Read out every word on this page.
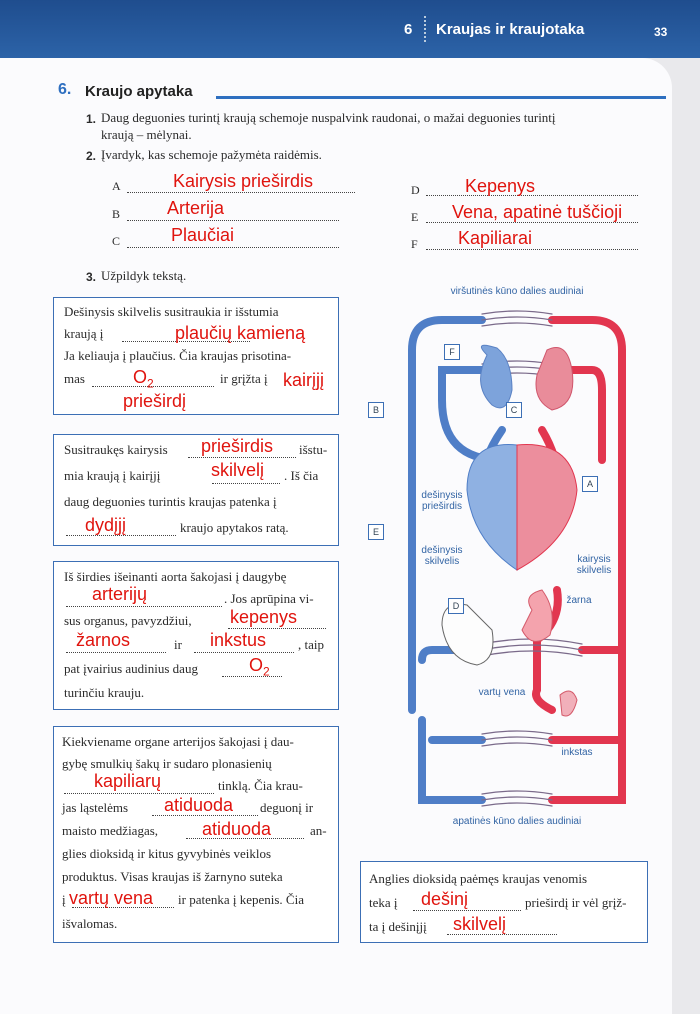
6 Kraujas ir kraujotaka	33
6. Kraujo apytaka
1. Daug deguonies turintį kraują schemoje nuspalvink raudonai, o mažai deguonies turintį
kraują – mėlynai.
2. Įvardyk, kas schemoje pažymėta raidėmis.
A	Kairysis prieširdis
B	Arterija
C	Plaučiai
D	Kepenys
E Vena, apatinė tuščioji
F Kapiliarai
3. Užpildyk tekstą.
Dešinysis skilvelis susitraukia ir išstumia
kraują į
Ja keliauja į plaučius. Čia kraujas prisotina-
mas	ir grįžta į
plaučių kamieną
$O_2$	kairįjį
prieširdį
Susitraukęs kairysis	išstu-
mia kraują į kairįjį	. Iš čia
daug deguonies turintis kraujas patenka į
kraujo apytakos ratą.
prieširdis
skilvelį
dydįjį
Iš širdies išeinanti aorta šakojasi į daugybę
. Jos aprūpina vi-
sus organus, pavyzdžiui,
ir	, taip
pat įvairius audinius daug
turinčiu krauju.
arterijų
kepenys
žarnos	inkstus
$O_2$
Kiekviename organe arterijos šakojasi į dau-
gybę smulkių šakų ir sudaro plonasienių
tinklą. Čia krau-
jas ląstelėms	deguonį ir
maisto medžiagas,	an-
glies dioksidą ir kitus gyvybinės veiklos
produktus. Visas kraujas iš žarnyno suteka
į	ir patenka į kepenis. Čia
išvalomas.
kapiliarų
atiduoda
atiduoda
vartų vena
Anglies dioksidą paėmęs kraujas venomis
teka į	prieširdį ir vėl grįž-
ta į dešinįjį
dešinį
skilvelį
viršutinės kūno dalies audiniai
apatinės kūno dalies audiniai
dešinysis
prieširdis
dešinysis
skilvelis	kairysis
skilvelis
žarna
vartų vena
inkstas
F
B	C
A
E
D
